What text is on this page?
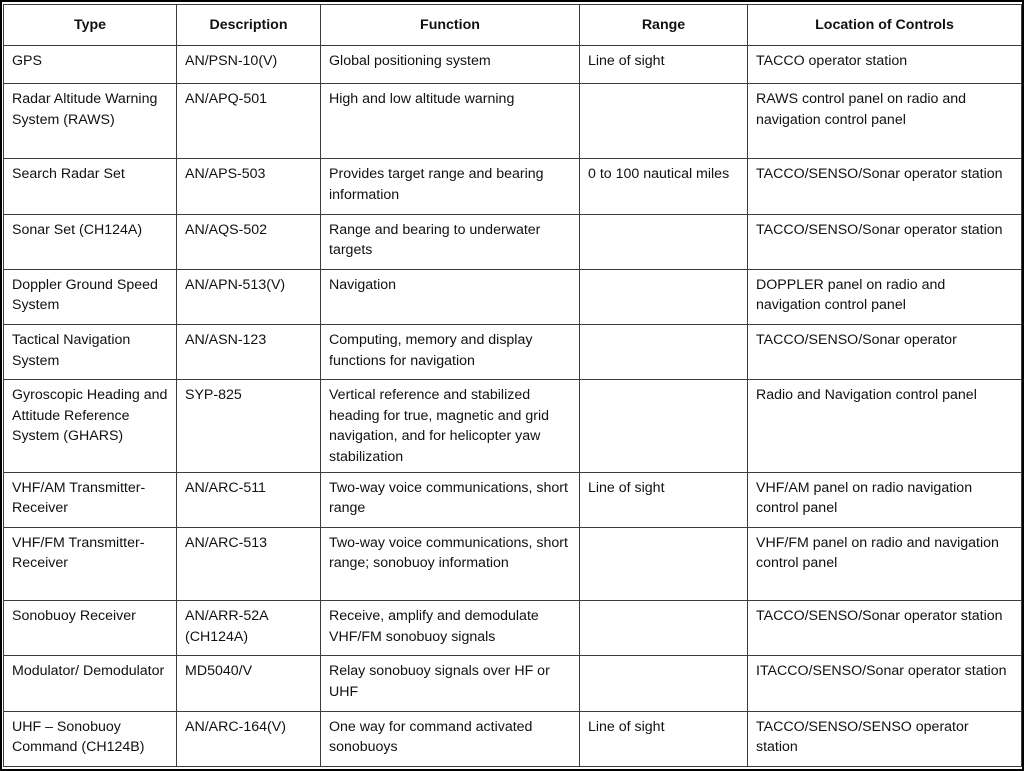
Type	Description	Function	Range	Location of Controls
GPS	AN/PSN-10(V)	Global positioning system	Line of sight	TACCO operator station
Radar Altitude Warning System (RAWS)	AN/APQ-501	High and low altitude warning		RAWS control panel on radio and navigation control panel
Search Radar Set	AN/APS-503	Provides target range and bearing information	0 to 100 nautical miles	TACCO/SENSO/Sonar operator station
Sonar Set (CH124A)	AN/AQS-502	Range and bearing to underwater targets		TACCO/SENSO/Sonar operator station
Doppler Ground Speed System	AN/APN-513(V)	Navigation		DOPPLER panel on radio and navigation control panel
Tactical Navigation System	AN/ASN-123	Computing, memory and display functions for navigation		TACCO/SENSO/Sonar operator
Gyroscopic Heading and Attitude Reference System (GHARS)	SYP-825	Vertical reference and stabilized heading for true, magnetic and grid navigation, and for helicopter yaw stabilization		Radio and Navigation control panel
VHF/AM Transmitter-Receiver	AN/ARC-511	Two-way voice communications, short range	Line of sight	VHF/AM panel on radio navigation control panel
VHF/FM Transmitter-Receiver	AN/ARC-513	Two-way voice communications, short range; sonobuoy information		VHF/FM panel on radio and navigation control panel
Sonobuoy Receiver	AN/ARR-52A (CH124A)	Receive, amplify and demodulate VHF/FM sonobuoy signals		TACCO/SENSO/Sonar operator station
Modulator/ Demodulator	MD5040/V	Relay sonobuoy signals over HF or UHF		ITACCO/SENSO/Sonar operator station
UHF – Sonobuoy Command (CH124B)	AN/ARC-164(V)	One way for command activated sonobuoys	Line of sight	TACCO/SENSO/SENSO operator station
